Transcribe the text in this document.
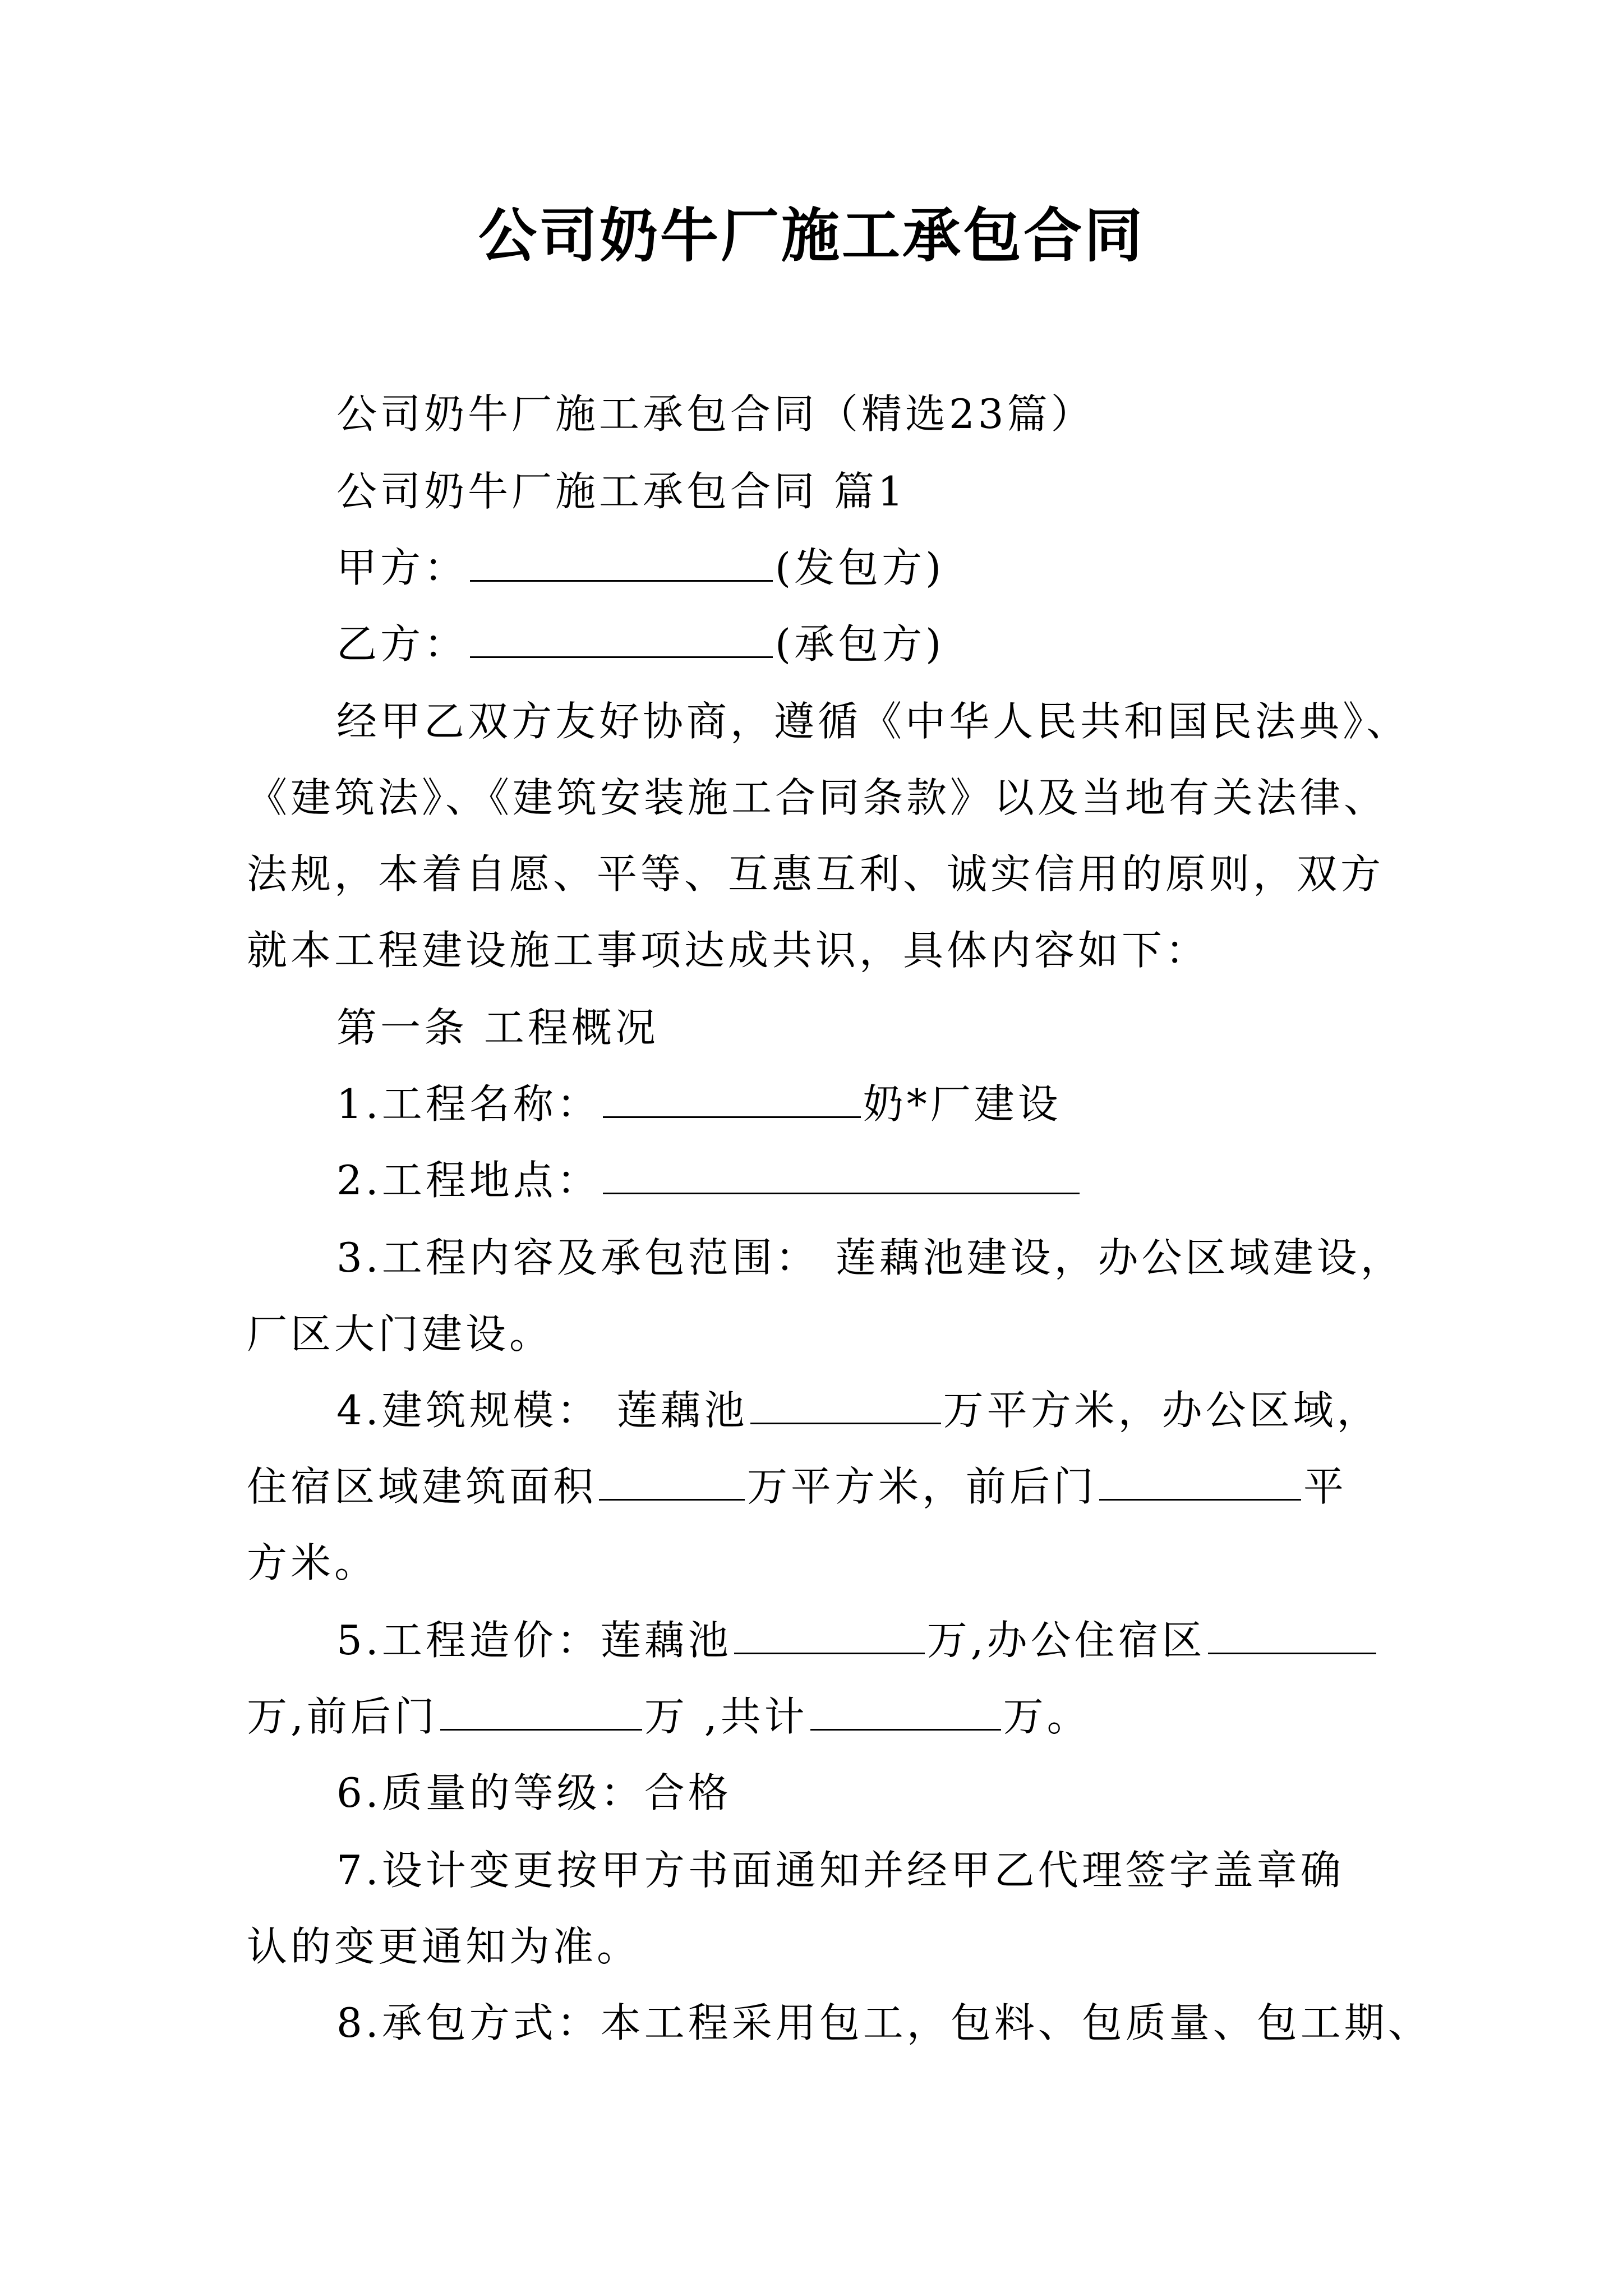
公司奶牛厂施工承包合同
公司奶牛厂施工承包合同（精选23篇）
公司奶牛厂施工承包合同 篇1
甲方：	(发包方)
乙方：	(承包方)
经甲乙双方友好协商，遵循《中华人民共和国民法典》、
《建筑法》、《建筑安装施工合同条款》以及当地有关法律、
法规，本着自愿、平等、互惠互利、诚实信用的原则，双方
就本工程建设施工事项达成共识，具体内容如下：
第一条 工程概况
1.工程名称：	奶*厂建设
2.工程地点：
3.工程内容及承包范围： 莲藕池建设，办公区域建设，
厂区大门建设。
4.建筑规模： 莲藕池	万平方米，办公区域，
住宿区域建筑面积	万平方米，前后门	平
方米。
5.工程造价：莲藕池	万,办公住宿区
万,前后门	万 ,共计	万。
6.质量的等级：合格
7.设计变更按甲方书面通知并经甲乙代理签字盖章确
认的变更通知为准。
8.承包方式：本工程采用包工，包料、包质量、包工期、
